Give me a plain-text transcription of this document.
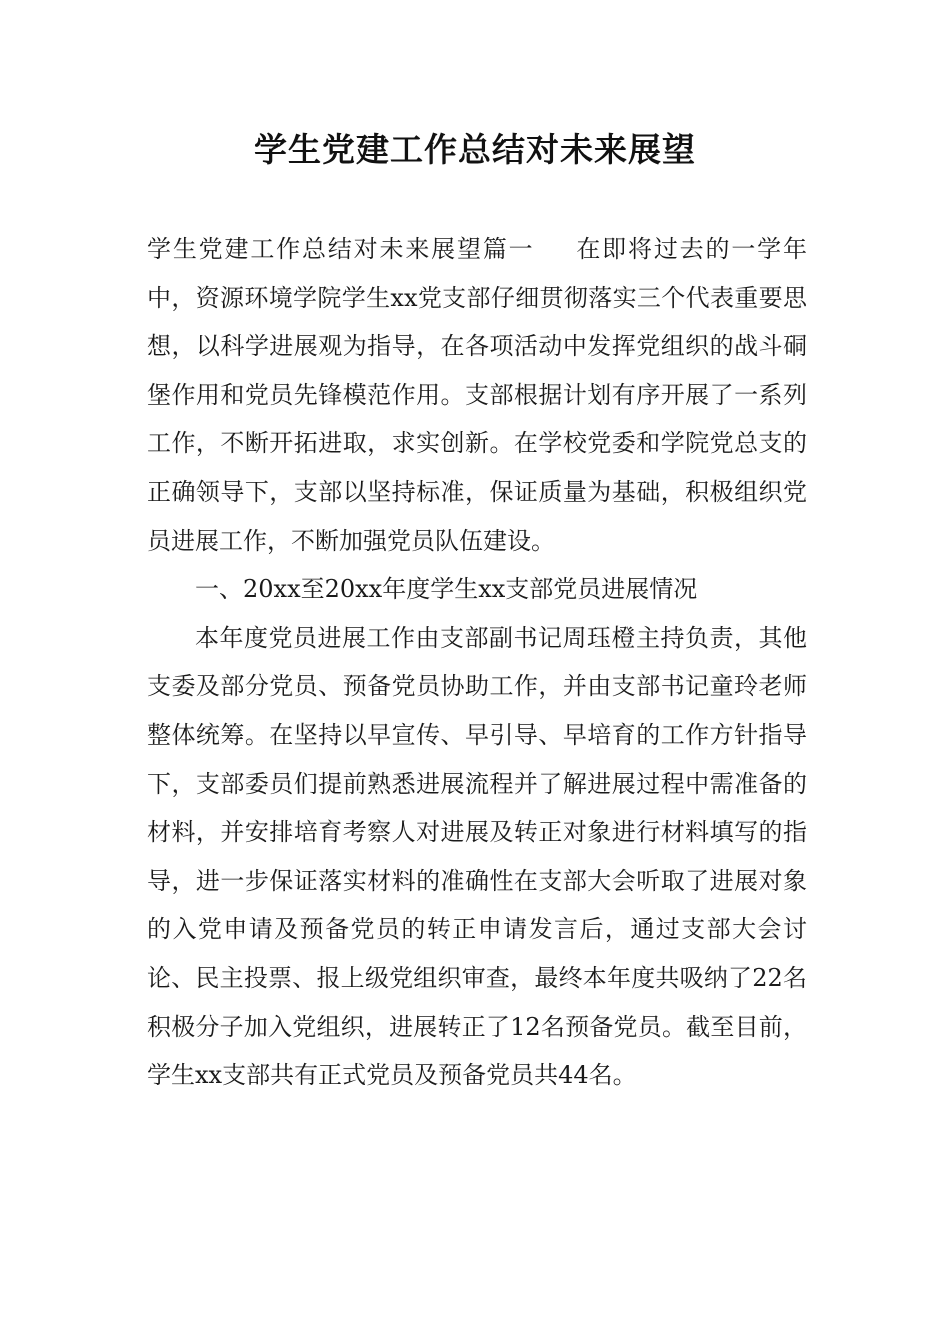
学生党建工作总结对未来展望

学生党建工作总结对未来展望篇一 在即将过去的一学年中，资源环境学院学生xx党支部仔细贯彻落实三个代表重要思想，以科学进展观为指导，在各项活动中发挥党组织的战斗硐堡作用和党员先锋模范作用。支部根据计划有序开展了一系列工作，不断开拓进取，求实创新。在学校党委和学院党总支的正确领导下，支部以坚持标准，保证质量为基础，积极组织党员进展工作，不断加强党员队伍建设。

一、20xx至20xx年度学生xx支部党员进展情况

本年度党员进展工作由支部副书记周珏橙主持负责，其他支委及部分党员、预备党员协助工作，并由支部书记童玲老师整体统筹。在坚持以早宣传、早引导、早培育的工作方针指导下，支部委员们提前熟悉进展流程并了解进展过程中需准备的材料，并安排培育考察人对进展及转正对象进行材料填写的指导，进一步保证落实材料的准确性在支部大会听取了进展对象的入党申请及预备党员的转正申请发言后，通过支部大会讨论、民主投票、报上级党组织审查，最终本年度共吸纳了22名积极分子加入党组织，进展转正了12名预备党员。截至目前，学生xx支部共有正式党员及预备党员共44名。
